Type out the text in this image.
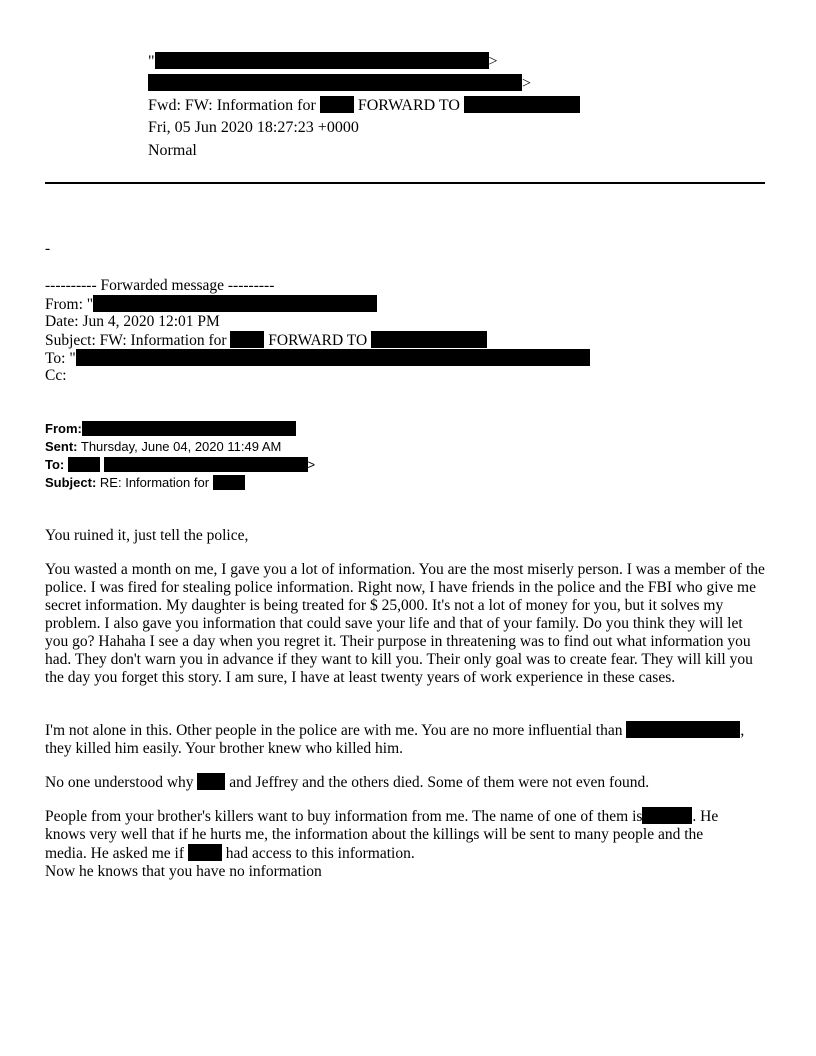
"	>
>
Fwd: FW: Information for	FORWARD TO
Fri, 05 Jun 2020 18:27:23 +0000
Normal
-
---------- Forwarded message ---------
From: "
Date: Jun 4, 2020 12:01 PM
Subject: FW: Information for	FORWARD TO
To: "
Cc:
From:
Sent: Thursday, June 04, 2020 11:49 AM
To:	>
Subject: RE: Information for
You ruined it, just tell the police,
You wasted a month on me, I gave you a lot of information. You are the most miserly person. I was a member of the police. I was fired for stealing police information. Right now, I have friends in the police and the FBI who give me secret information. My daughter is being treated for $ 25,000. It's not a lot of money for you, but it solves my problem. I also gave you information that could save your life and that of your family. Do you think they will let you go? Hahaha I see a day when you regret it. Their purpose in threatening was to find out what information you had. They don't warn you in advance if they want to kill you. Their only goal was to create fear. They will kill you the day you forget this story. I am sure, I have at least twenty years of work experience in these cases.
I'm not alone in this. Other people in the police are with me. You are no more influential than	,
they killed him easily. Your brother knew who killed him.
No one understood why and Jeffrey and the others died. Some of them were not even found.
People from your brother's killers want to buy information from me. The name of one of them is	. He
knows very well that if he hurts me, the information about the killings will be sent to many people and the
media. He asked me if	had access to this information.
Now he knows that you have no information
